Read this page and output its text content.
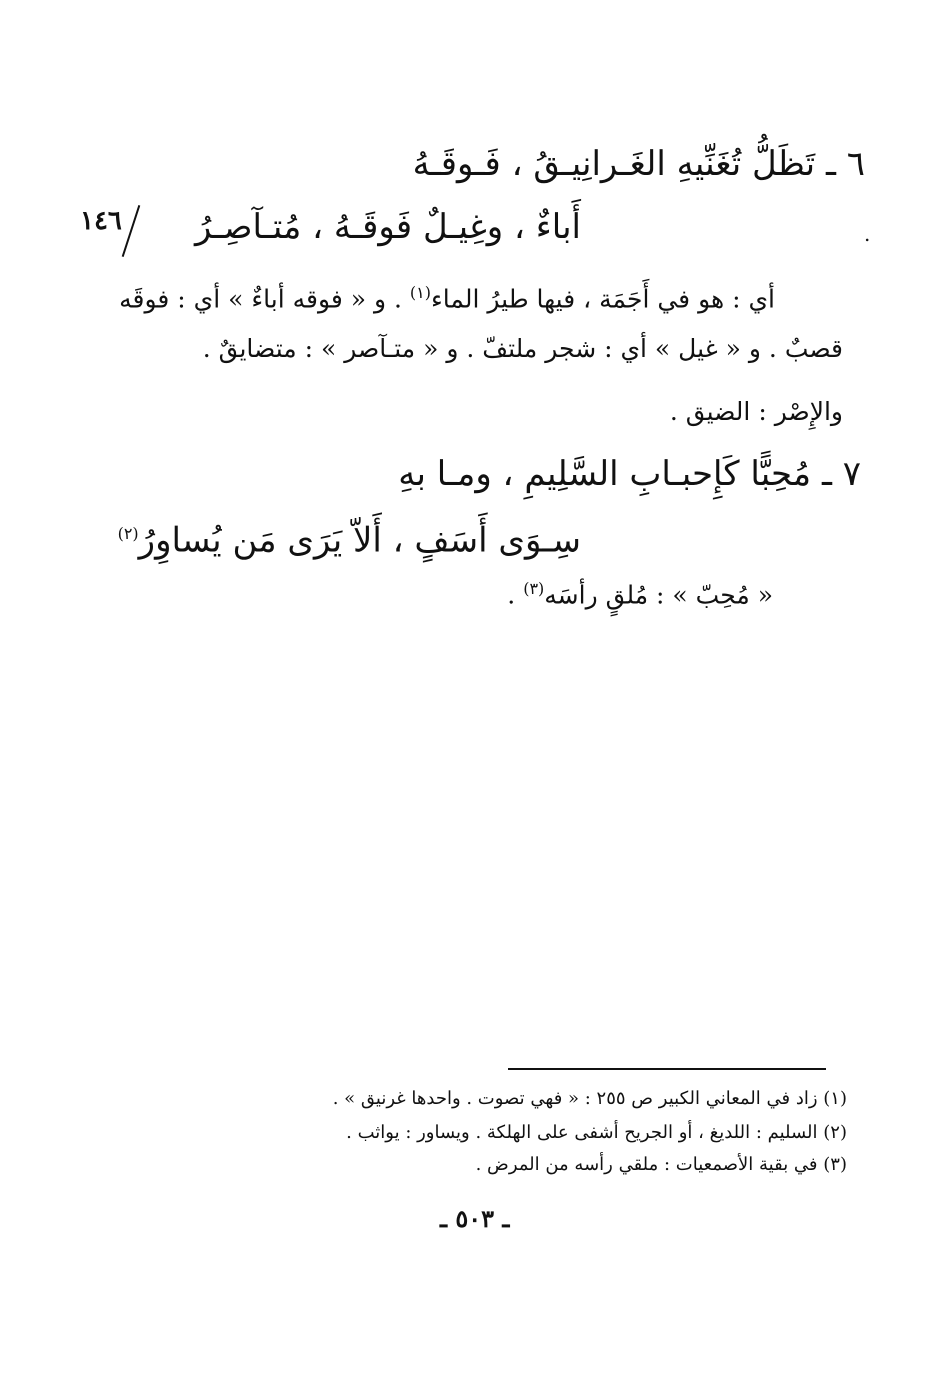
٦ ـ تَظَلُّ تُغَنِّيهِ الغَـرانِيـقُ ، فَـوقَـهُ
أَباءٌ ، وغِيـلٌ فَوقَـهُ ، مُتـآصِـرُ
١٤٦	.
أي : هو في أَجَمَة ، فيها طيرُ الماء$^{(١)}$ . و « فوقه أباءٌ » أي : فوقَه
قصبٌ . و « غيل » أي : شجر ملتفّ . و « متـآصر » : متضايقٌ .
والإِصْر : الضيق .
٧ ـ مُحِبًّا كَإِحبـابِ السَّلِيمِ ، ومـا بهِ
سِـوَى أَسَفٍ ، أَلاّ يَرَى مَن يُساوِرُ$^{(٢)}$
« مُحِبّ » : مُلقٍ رأسَه$^{(٣)}$ .
(١) زاد في المعاني الكبير ص ٢٥٥ : « فهي تصوت . واحدها غرنيق » .
(٢) السليم : اللديغ ، أو الجريح أشفى على الهلكة . ويساور : يواثب .
(٣) في بقية الأصمعيات : ملقي رأسه من المرض .
ـ ٥٠٣ ـ
